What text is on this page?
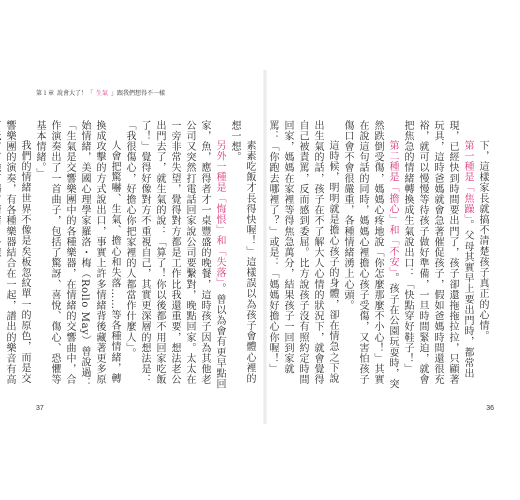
第１章 說會大了！「 生氣 」跟我們想得不一樣

素素吃飯才長得快喔！」這樣誤以為孩子會體心裡的想一想。

另外一種是「悔恨」和「失落」。曾以為會有更早點回家，魚，應得者才一桌豐盛的晚餐，這時孩子因為其他老公司又突然打電話回家說公司要繫對，晚點回家。太太在一旁非常失望，覺得對方都是工作比我還重要，想法老公出門去了，就生氣的說：「算了！你以後都不用回家吃飯了！」覺得好像對方不重視自己，其實更深層的想法是：「我很傷心，好擔心你把家裡的人都當作什麼人」。

人會把驚嚇、生氣、擔心和失落……等各種情緒，轉換成攻擊的方式說出口，事實上許多情緒背後藏著更多原始情緒，美國心理學家羅洛・梅（Rollo May）曾說過：「生氣是交響樂團中的各種樂器，在情緒的交響曲中，合作演奏出了一首曲子，包括了驚訝、喜悅、傷心、恐懼等基本情緒。」

我們的情緒世界不像是矣板忽紋單一的原色，而是交響樂團的演奏，有各種樂器結合在一起，譜出的樂音有高

37

下，這樣家長就搞不清楚孩子真正的心情。

第一種是「焦躁」。父母其實早上要出門時，都常出現，已經快到時間要出門了，孩子卻還拖拖拉拉，只顧著玩具，這時爸媽就會急著催促孩子，假如爸媽時間還很充裕，就可以慢慢等待孩子做好準備，一旦時間緊迫，就會把焦急的情緒轉換成生氣說出口：「快點穿好鞋子！」

第二種是「擔心」和「不安」。孩子在公園玩耍時，突然跌倒受傷，媽媽心疼地說「你怎麼那麼不小心！」其實在說這句話的同時，媽媽心裡擔心孩子受傷，又害怕孩子傷口會不會很嚴重，各種情緒湧上心頭。

這時候，明明就是擔心孩子的身體，卻在情急之下說出生氣的話，孩子在不了解大人心情的狀況下，就會覺得自己被責罵，反而感到委屈。比方說孩子沒有照約定時間回家，媽媽在家裡等得焦急萬分，結果孩子一回到家就罵：「你跑去哪裡了？」或是：「媽媽好擔心你喔！」

36
